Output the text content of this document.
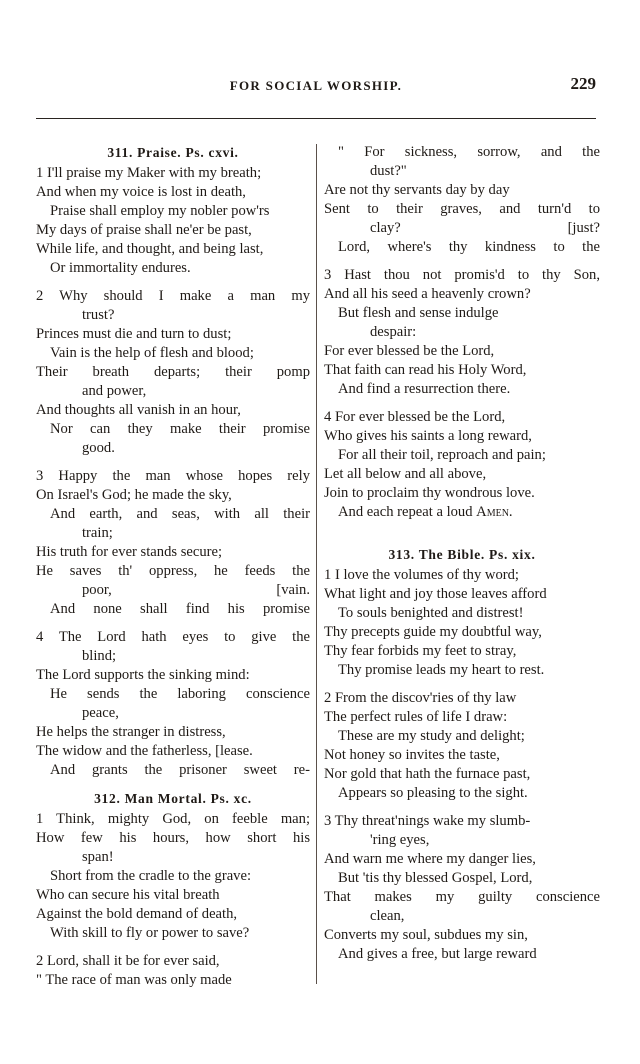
FOR SOCIAL WORSHIP.	229
311. Praise. Ps. cxvi.
1 I'll praise my Maker with my breath;
And when my voice is lost in death,
Praise shall employ my nobler pow'rs
My days of praise shall ne'er be past,
While life, and thought, and being last,
Or immortality endures.
2 Why should I make a man my
trust?
Princes must die and turn to dust;
Vain is the help of flesh and blood;
Their breath departs; their pomp
and power,
And thoughts all vanish in an hour,
Nor can they make their promise
good.
3 Happy the man whose hopes rely
On Israel's God; he made the sky,
And earth, and seas, with all their
train;
His truth for ever stands secure;
He saves th' oppress, he feeds the
poor,	[vain.
And none shall find his promise
4 The Lord hath eyes to give the
blind;
The Lord supports the sinking mind:
He sends the laboring conscience
peace,
He helps the stranger in distress,
The widow and the fatherless, [lease.
And grants the prisoner sweet re-
312. Man Mortal. Ps. xc.
1 Think, mighty God, on feeble man;
How few his hours, how short his
span!
Short from the cradle to the grave:
Who can secure his vital breath
Against the bold demand of death,
With skill to fly or power to save?
2 Lord, shall it be for ever said,
" The race of man was only made
" For sickness, sorrow, and the
dust?"
Are not thy servants day by day
Sent to their graves, and turn'd to
clay?	[just?
Lord, where's thy kindness to the
3 Hast thou not promis'd to thy Son,
And all his seed a heavenly crown?
But flesh and sense indulge
despair:
For ever blessed be the Lord,
That faith can read his Holy Word,
And find a resurrection there.
4 For ever blessed be the Lord,
Who gives his saints a long reward,
For all their toil, reproach and pain;
Let all below and all above,
Join to proclaim thy wondrous love.
And each repeat a loud Amen.
313. The Bible. Ps. xix.
1 I love the volumes of thy word;
What light and joy those leaves afford
To souls benighted and distrest!
Thy precepts guide my doubtful way,
Thy fear forbids my feet to stray,
Thy promise leads my heart to rest.
2 From the discov'ries of thy law
The perfect rules of life I draw:
These are my study and delight;
Not honey so invites the taste,
Nor gold that hath the furnace past,
Appears so pleasing to the sight.
3 Thy threat'nings wake my slumb-
'ring eyes,
And warn me where my danger lies,
But 'tis thy blessed Gospel, Lord,
That makes my guilty conscience
clean,
Converts my soul, subdues my sin,
And gives a free, but large reward
